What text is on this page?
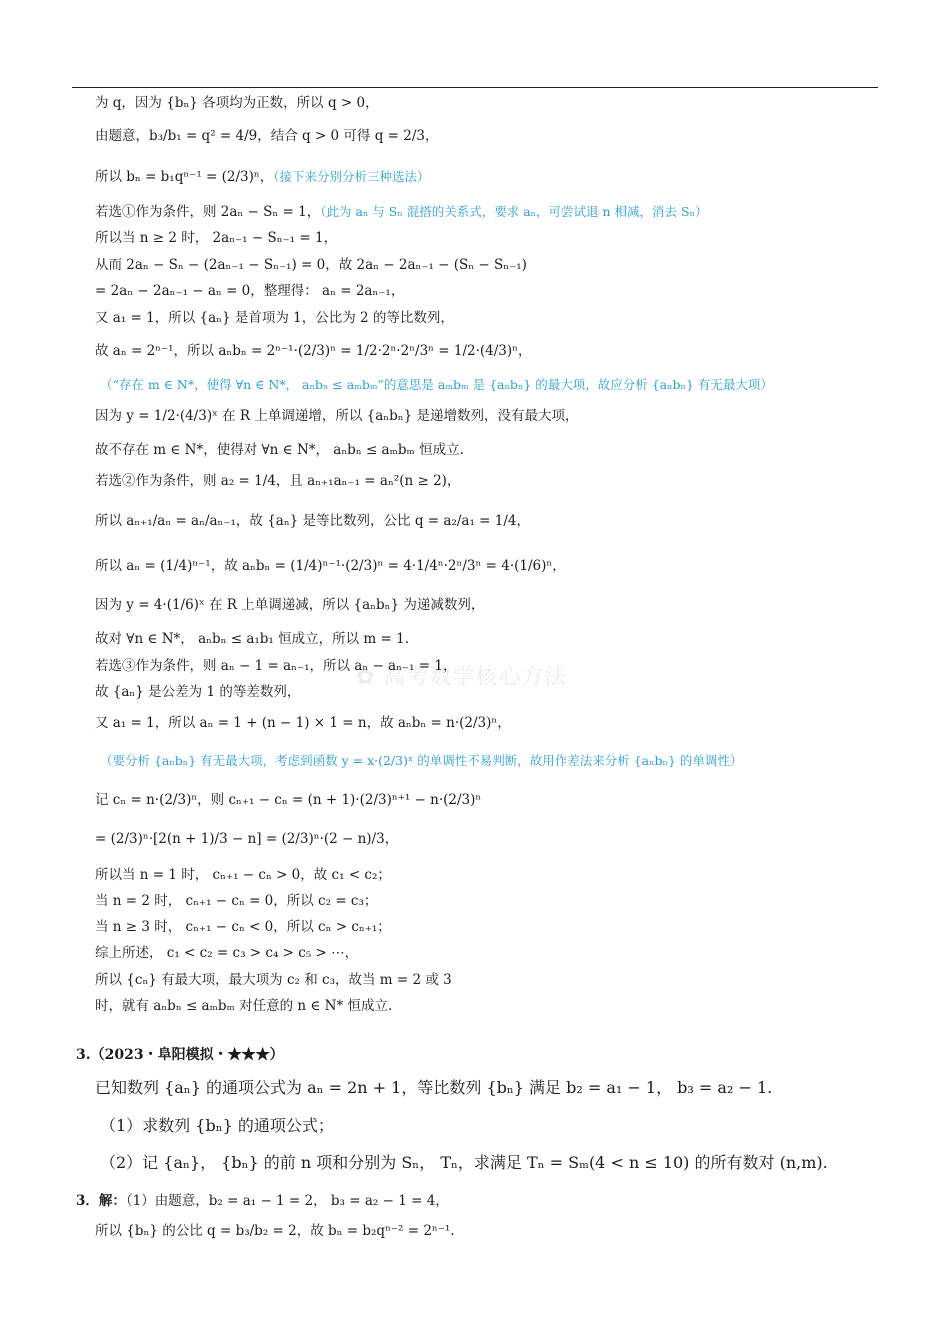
✿ 高考数学核心方法
为 q，因为 {bₙ} 各项均为正数，所以 q > 0，
由题意，b₃/b₁ = q² = 4/9，结合 q > 0 可得 q = 2/3，
所以 bₙ = b₁qⁿ⁻¹ = (2/3)ⁿ，（接下来分别分析三种选法）
若选①作为条件，则 2aₙ − Sₙ = 1，（此为 aₙ 与 Sₙ 混搭的关系式，要求 aₙ，可尝试退 n 相减，消去 Sₙ）
所以当 n ≥ 2 时， 2aₙ₋₁ − Sₙ₋₁ = 1，
从而 2aₙ − Sₙ − (2aₙ₋₁ − Sₙ₋₁) = 0，故 2aₙ − 2aₙ₋₁ − (Sₙ − Sₙ₋₁)
= 2aₙ − 2aₙ₋₁ − aₙ = 0，整理得： aₙ = 2aₙ₋₁，
又 a₁ = 1，所以 {aₙ} 是首项为 1，公比为 2 的等比数列，
故 aₙ = 2ⁿ⁻¹，所以 aₙbₙ = 2ⁿ⁻¹·(2/3)ⁿ = 1/2·2ⁿ·2ⁿ/3ⁿ = 1/2·(4/3)ⁿ，
（“存在 m ∈ N*，使得 ∀n ∈ N*， aₙbₙ ≤ aₘbₘ”的意思是 aₘbₘ 是 {aₙbₙ} 的最大项，故应分析 {aₙbₙ} 有无最大项）
因为 y = 1/2·(4/3)ˣ 在 R 上单调递增，所以 {aₙbₙ} 是递增数列，没有最大项，
故不存在 m ∈ N*，使得对 ∀n ∈ N*， aₙbₙ ≤ aₘbₘ 恒成立.
若选②作为条件，则 a₂ = 1/4，且 aₙ₊₁aₙ₋₁ = aₙ²(n ≥ 2)，
所以 aₙ₊₁/aₙ = aₙ/aₙ₋₁，故 {aₙ} 是等比数列，公比 q = a₂/a₁ = 1/4，
所以 aₙ = (1/4)ⁿ⁻¹，故 aₙbₙ = (1/4)ⁿ⁻¹·(2/3)ⁿ = 4·1/4ⁿ·2ⁿ/3ⁿ = 4·(1/6)ⁿ，
因为 y = 4·(1/6)ˣ 在 R 上单调递减，所以 {aₙbₙ} 为递减数列，
故对 ∀n ∈ N*， aₙbₙ ≤ a₁b₁ 恒成立，所以 m = 1.
若选③作为条件，则 aₙ − 1 = aₙ₋₁，所以 aₙ − aₙ₋₁ = 1，
故 {aₙ} 是公差为 1 的等差数列，
又 a₁ = 1，所以 aₙ = 1 + (n − 1) × 1 = n，故 aₙbₙ = n·(2/3)ⁿ，
（要分析 {aₙbₙ} 有无最大项，考虑到函数 y = x·(2/3)ˣ 的单调性不易判断，故用作差法来分析 {aₙbₙ} 的单调性）
记 cₙ = n·(2/3)ⁿ，则 cₙ₊₁ − cₙ = (n + 1)·(2/3)ⁿ⁺¹ − n·(2/3)ⁿ
= (2/3)ⁿ·[2(n + 1)/3 − n] = (2/3)ⁿ·(2 − n)/3，
所以当 n = 1 时， cₙ₊₁ − cₙ > 0，故 c₁ < c₂；
当 n = 2 时， cₙ₊₁ − cₙ = 0，所以 c₂ = c₃；
当 n ≥ 3 时， cₙ₊₁ − cₙ < 0，所以 cₙ > cₙ₊₁；
综上所述， c₁ < c₂ = c₃ > c₄ > c₅ > ⋯，
所以 {cₙ} 有最大项，最大项为 c₂ 和 c₃，故当 m = 2 或 3
时，就有 aₙbₙ ≤ aₘbₘ 对任意的 n ∈ N* 恒成立.
3.（2023・阜阳模拟・★★★）
已知数列 {aₙ} 的通项公式为 aₙ = 2n + 1，等比数列 {bₙ} 满足 b₂ = a₁ − 1， b₃ = a₂ − 1.
（1）求数列 {bₙ} 的通项公式；
（2）记 {aₙ}， {bₙ} 的前 n 项和分别为 Sₙ， Tₙ，求满足 Tₙ = Sₘ(4 < n ≤ 10) 的所有数对 (n,m).
3．解：（1）由题意，b₂ = a₁ − 1 = 2， b₃ = a₂ − 1 = 4，
所以 {bₙ} 的公比 q = b₃/b₂ = 2，故 bₙ = b₂qⁿ⁻² = 2ⁿ⁻¹.
